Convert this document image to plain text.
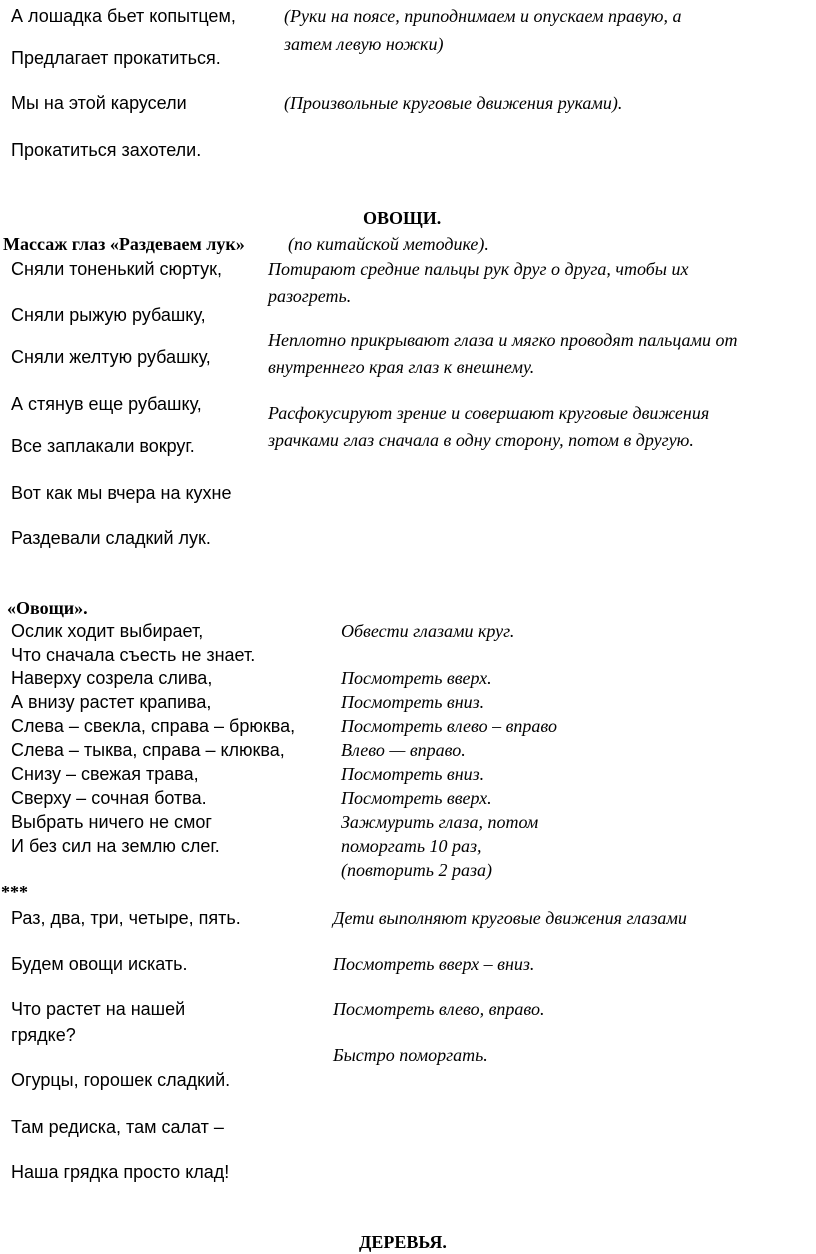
А лошадка бьет копытцем,
Предлагает прокатиться.
Мы на этой карусели
Прокатиться захотели.
(Руки на поясе, приподнимаем и опускаем правую, а
затем левую ножки)
(Произвольные круговые движения руками).
ОВОЩИ.
Массаж глаз «Раздеваем лук» (по китайской методике).
Сняли тоненький сюртук,
Сняли рыжую рубашку,
Сняли желтую рубашку,
А стянув еще рубашку,
Все заплакали вокруг.
Вот как мы вчера на кухне
Раздевали сладкий лук.
Потирают средние пальцы рук друг о друга, чтобы их
разогреть.
Неплотно прикрывают глаза и мягко проводят пальцами от
внутреннего края глаз к внешнему.
Расфокусируют зрение и совершают круговые движения
зрачками глаз сначала в одну сторону, потом в другую.
«Овощи».
Ослик ходит выбирает,
Что сначала съесть не знает.
Наверху созрела слива,
А внизу растет крапива,
Слева – свекла, справа – брюква,
Слева – тыква, справа – клюква,
Снизу – свежая трава,
Сверху – сочная ботва.
Выбрать ничего не смог
И без сил на землю слег.
Обвести глазами круг.
Посмотреть вверх.
Посмотреть вниз.
Посмотреть влево – вправо
Влево — вправо.
Посмотреть вниз.
Посмотреть вверх.
Зажмурить глаза, потом
поморгать 10 раз,
(повторить 2 раза)
***
Раз, два, три, четыре, пять.
Будем овощи искать.
Что растет на нашей
грядке?
Огурцы, горошек сладкий.
Там редиска, там салат –
Наша грядка просто клад!
Дети выполняют круговые движения глазами
Посмотреть вверх – вниз.
Посмотреть влево, вправо.
Быстро поморгать.
ДЕРЕВЬЯ.
